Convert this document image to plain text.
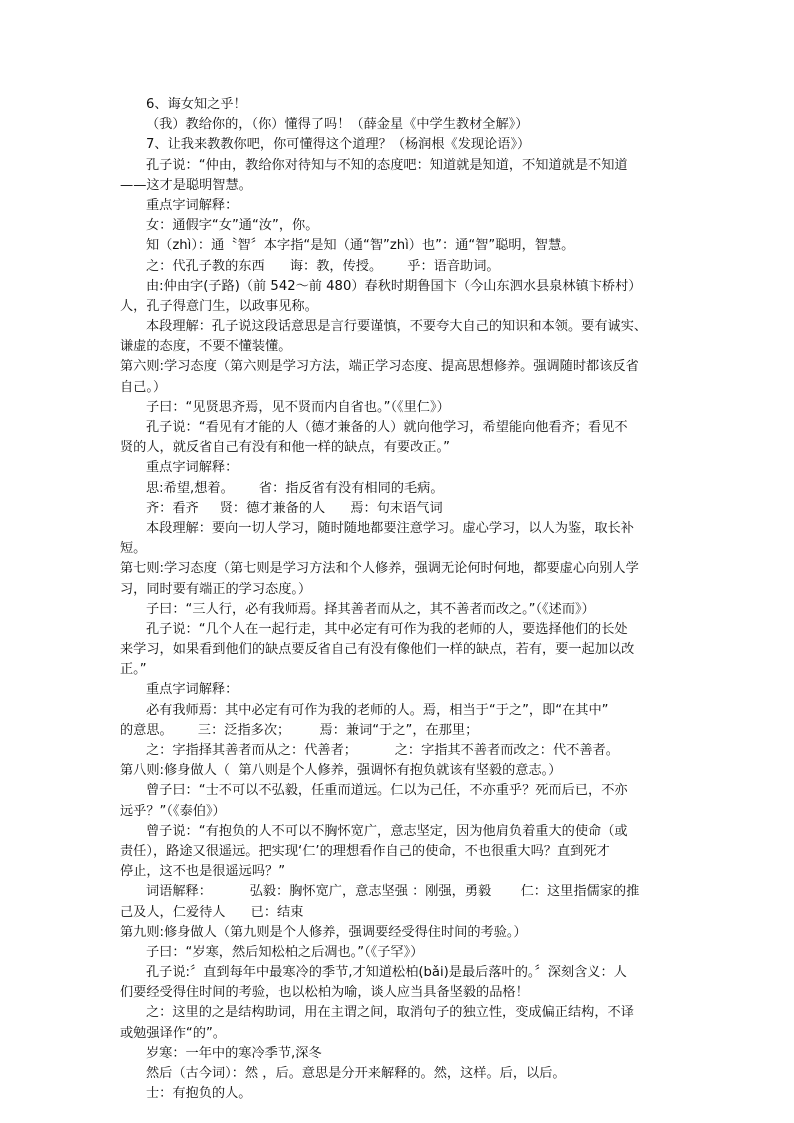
6、诲女知之乎！
（我）教给你的，（你）懂得了吗！（薛金星《中学生教材全解》）
7、让我来教教你吧，你可懂得这个道理？（杨润根《发现论语》）
孔子说：“仲由，教给你对待知与不知的态度吧：知道就是知道，不知道就是不知道
——这才是聪明智慧。
重点字词解释：
女：通假字“女”通“汝”，你。
知（zhì）：通〝智〞本字指“是知（通“智”zhì）也”：通“智”聪明，智慧。
之：代孔子教的东西      诲：教，传授。      乎：语音助词。
由:仲由字(子路)（前 542～前 480）春秋时期鲁国卞（今山东泗水县泉林镇卞桥村）
人，孔子得意门生，以政事见称。
本段理解：孔子说这段话意思是言行要谨慎，不要夸大自己的知识和本领。要有诚实、
谦虚的态度，不要不懂装懂。
第六则:学习态度（第六则是学习方法，端正学习态度、提高思想修养。强调随时都该反省
自己。）
子曰：“见贤思齐焉，见不贤而内自省也。”（《里仁》）
孔子说：“看见有才能的人（德才兼备的人）就向他学习，希望能向他看齐；看见不
贤的人，就反省自己有没有和他一样的缺点，有要改正。”
重点字词解释：
思:希望,想着。      省：指反省有没有相同的毛病。
齐：看齐     贤：德才兼备的人      焉：句末语气词
本段理解：要向一切人学习，随时随地都要注意学习。虚心学习，以人为鉴，取长补
短。
第七则:学习态度（第七则是学习方法和个人修养，强调无论何时何地，都要虚心向别人学
习，同时要有端正的学习态度。）
子曰：“三人行，必有我师焉。择其善者而从之，其不善者而改之。”（《述而》）
孔子说：“几个人在一起行走，其中必定有可作为我的老师的人，要选择他们的长处
来学习，如果看到他们的缺点要反省自己有没有像他们一样的缺点，若有，要一起加以改
正。”
重点字词解释：
必有我师焉：其中必定有可作为我的老师的人。焉，相当于“于之”，即“在其中”
的意思。      三：泛指多次；       焉：兼词“于之”，在那里；
之：字指择其善者而从之：代善者；         之：字指其不善者而改之：代不善者。
第八则:修身做人（  第八则是个人修养，强调怀有抱负就该有坚毅的意志。）
曾子曰：“士不可以不弘毅，任重而道远。仁以为己任，不亦重乎？死而后已，不亦
远乎？”（《泰伯》）
曾子说：“有抱负的人不可以不胸怀宽广，意志坚定，因为他肩负着重大的使命（或
责任），路途又很遥远。把实现‘仁’的理想看作自己的使命，不也很重大吗？直到死才
停止，这不也是很遥远吗？”
词语解释：         弘毅：胸怀宽广，意志坚强 ：刚强，勇毅       仁：这里指儒家的推
己及人，仁爱待人      已：结束
第九则:修身做人（第九则是个人修养，强调要经受得住时间的考验。）
子曰：“岁寒，然后知松柏之后凋也。”（《子罕》）
孔子说:〞直到每年中最寒冷的季节,才知道松柏(bǎi)是最后落叶的。〞深刻含义：人
们要经受得住时间的考验，也以松柏为喻，谈人应当具备坚毅的品格！
之：这里的之是结构助词，用在主谓之间，取消句子的独立性，变成偏正结构，不译
或勉强译作“的”。
岁寒：一年中的寒冷季节,深冬
然后（古今词）：然 ，后。意思是分开来解释的。然，这样。后，以后。
士：有抱负的人。
